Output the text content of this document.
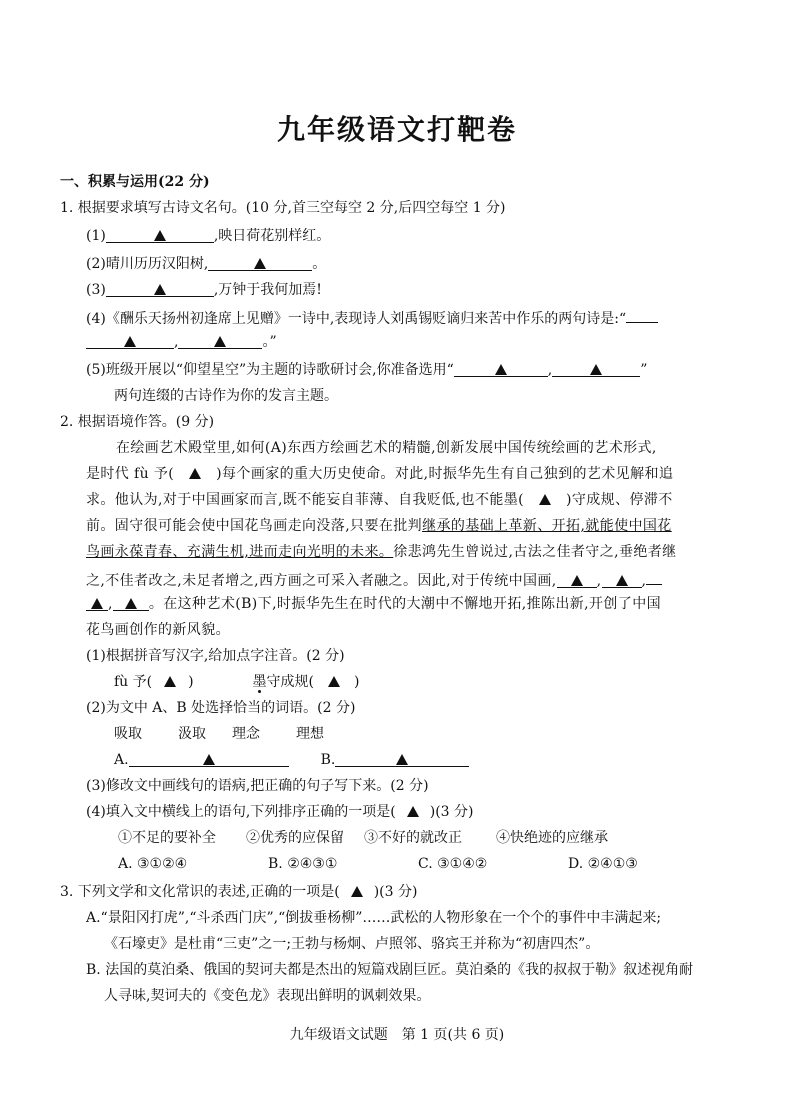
九年级语文打靶卷
一、积累与运用(22 分)
1. 根据要求填写古诗文名句。(10 分,首三空每空 2 分,后四空每空 1 分)
(1)	,映日荷花别样红。
(2)晴川历历汉阳树,	。
(3)	,万钟于我何加焉!
(4)《酬乐天扬州初逢席上见赠》一诗中,表现诗人刘禹锡贬谪归来苦中作乐的两句诗是:“
,	。”
(5)班级开展以“仰望星空”为主题的诗歌研讨会,你准备选用“	,	”
两句连缀的古诗作为你的发言主题。
2. 根据语境作答。(9 分)
在绘画艺术殿堂里,如何(A)东西方绘画艺术的精髓,创新发展中国传统绘画的艺术形式,
是时代 fù 予(	)每个画家的重大历史使命。对此,时振华先生有自己独到的艺术见解和追
求。他认为,对于中国画家而言,既不能妄自菲薄、自我贬低,也不能墨(	)守成规、停滞不
前。固守很可能会使中国花鸟画走向没落,只要在批判继承的基础上革新、开拓,就能使中国花
鸟画永葆青春、充满生机,进而走向光明的未来。徐悲鸿先生曾说过,古法之佳者守之,垂绝者继
之,不佳者改之,未足者增之,西方画之可采入者融之。因此,对于传统中国画,	,	,
,	。在这种艺术(B)下,时振华先生在时代的大潮中不懈地开拓,推陈出新,开创了中国
花鸟画创作的新风貌。
(1)根据拼音写汉字,给加点字注音。(2 分)
fù 予(	)	墨守成规(	)
(2)为文中 A、B 处选择恰当的词语。(2 分)
吸取	汲取 理念	理想
A.	B.
(3)修改文中画线句的语病,把正确的句子写下来。(2 分)
(4)填入文中横线上的语句,下列排序正确的一项是( )(3 分)
①不足的要补全 ②优秀的应保留 ③不好的就改正 ④快绝迹的应继承
A. ③①②④	B. ②④③①	C. ③①④②	D. ②④①③
3. 下列文学和文化常识的表述,正确的一项是( )(3 分)
A.“景阳冈打虎”,“斗杀西门庆”,“倒拔垂杨柳”……武松的人物形象在一个个的事件中丰满起来;
《石壕吏》是杜甫“三吏”之一;王勃与杨炯、卢照邻、骆宾王并称为“初唐四杰”。
B. 法国的莫泊桑、俄国的契诃夫都是杰出的短篇戏剧巨匠。莫泊桑的《我的叔叔于勒》叙述视角耐
人寻味,契诃夫的《变色龙》表现出鲜明的讽刺效果。
九年级语文试题　第 1 页(共 6 页)
